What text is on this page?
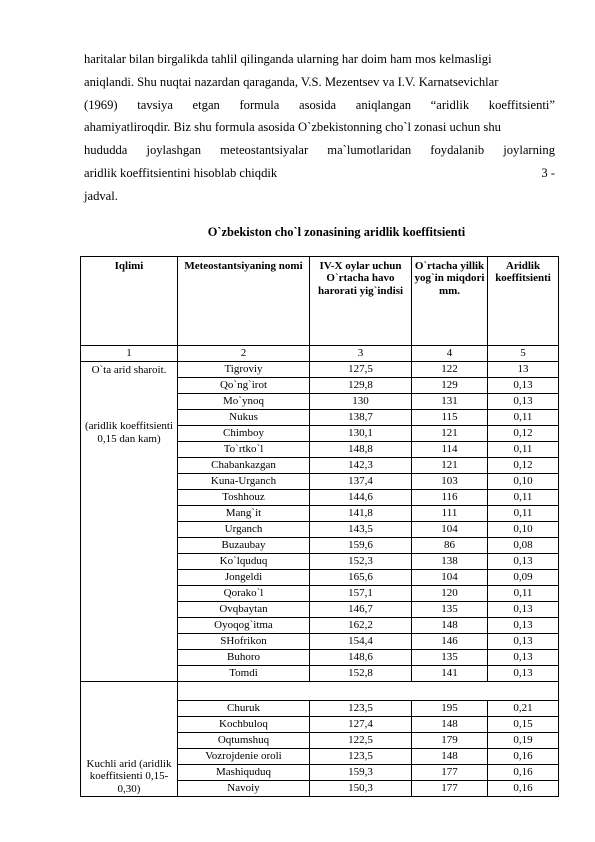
haritalar bilan birgalikda tahlil qilinganda ularning har doim ham mos kelmasligi
aniqlandi. Shu nuqtai nazardan qaraganda, V.S. Mezentsev va I.V. Karnatsevichlar
(1969) tavsiya etgan formula asosida aniqlangan “aridlik koeffitsienti”
ahamiyatliroqdir. Biz shu formula asosida O`zbekistonning cho`l zonasi uchun shu
hududda joylashgan meteostantsiyalar ma`lumotlaridan foydalanib joylarning
aridlik koeffitsientini hisoblab chiqdik	3 -
jadval.
O`zbekiston cho`l zonasining aridlik koeffitsienti
Iqlimi	Meteostantsiyaning nomi	IV-X oylar uchun O`rtacha havo harorati yig`indisi	O`rtacha yillik yog`in miqdori mm.	Aridlik koeffitsienti
1	2	3	4	5

O`ta arid sharoit.
(aridlik koeffitsienti 0,15 dan kam)	Tigroviy	127,5	122	13
	Qo`ng`irot	129,8	129	0,13
	Mo`ynoq	130	131	0,13
	Nukus	138,7	115	0,11
	Chimboy	130,1	121	0,12
	To`rtko`l	148,8	114	0,11
	Chabankazgan	142,3	121	0,12
	Kuna-Urganch	137,4	103	0,10
	Toshhouz	144,6	116	0,11
	Mang`it	141,8	111	0,11
	Urganch	143,5	104	0,10
	Buzaubay	159,6	86	0,08
	Ko`lquduq	152,3	138	0,13
	Jongeldi	165,6	104	0,09
	Qorako`l	157,1	120	0,11
	Ovqbaytan	146,7	135	0,13
	Oyoqog`itma	162,2	148	0,13
	SHofrikon	154,4	146	0,13
	Buhoro	148,6	135	0,13
	Tomdi	152,8	141	0,13

Kuchli arid (aridlik koeffitsienti 0,15-0,30)				

	Churuk	123,5	195	0,21
	Kochbuloq	127,4	148	0,15
	Oqtumshuq	122,5	179	0,19
	Vozrojdenie oroli	123,5	148	0,16
	Mashiquduq	159,3	177	0,16
	Navoiy	150,3	177	0,16
